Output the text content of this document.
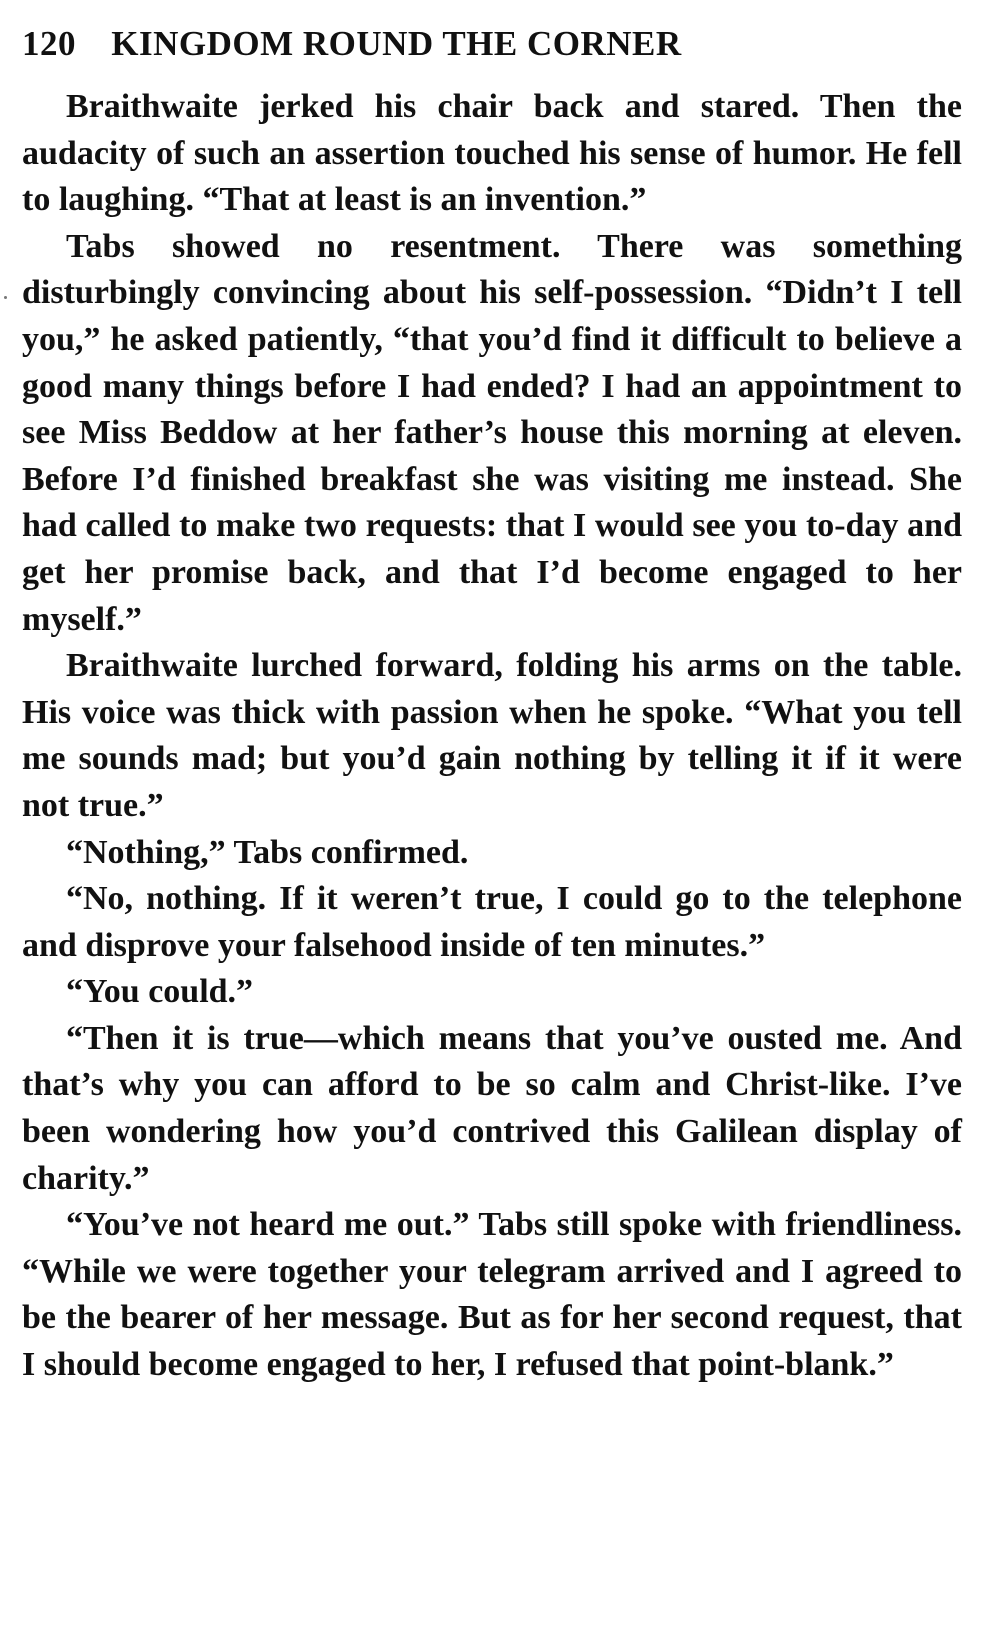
120 KINGDOM ROUND THE CORNER

Braithwaite jerked his chair back and stared. Then the audacity of such an assertion touched his sense of humor. He fell to laughing. “That at least is an invention.”

Tabs showed no resentment. There was something disturbingly convincing about his self-possession. “Didn’t I tell you,” he asked patiently, “that you’d find it difficult to believe a good many things before I had ended? I had an appointment to see Miss Beddow at her father’s house this morning at eleven. Before I’d finished breakfast she was visiting me instead. She had called to make two requests: that I would see you to-day and get her promise back, and that I’d become engaged to her myself.”

Braithwaite lurched forward, folding his arms on the table. His voice was thick with passion when he spoke. “What you tell me sounds mad; but you’d gain nothing by telling it if it were not true.”

“Nothing,” Tabs confirmed.

“No, nothing. If it weren’t true, I could go to the telephone and disprove your falsehood inside of ten minutes.”

“You could.”

“Then it is true—which means that you’ve ousted me. And that’s why you can afford to be so calm and Christ-like. I’ve been wondering how you’d contrived this Galilean display of charity.”

“You’ve not heard me out.” Tabs still spoke with friendliness. “While we were together your telegram arrived and I agreed to be the bearer of her message. But as for her second request, that I should become engaged to her, I refused that point-blank.”
